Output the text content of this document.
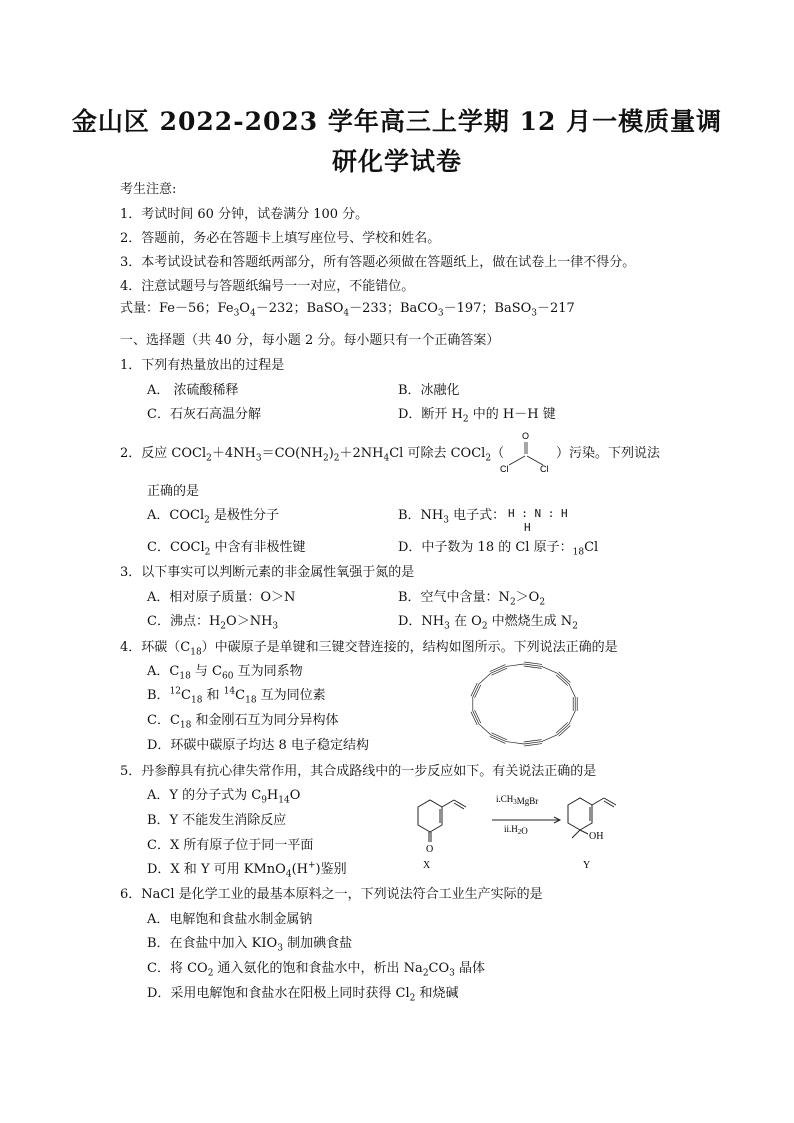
金山区 2022-2023 学年高三上学期 12 月一模质量调
研化学试卷
考生注意:
1．考试时间 60 分钟，试卷满分 100 分。
2．答题前，务必在答题卡上填写座位号、学校和姓名。
3．本考试设试卷和答题纸两部分，所有答题必须做在答题纸上，做在试卷上一律不得分。
4．注意试题号与答题纸编号一一对应，不能错位。
式量：Fe－56；$Fe_3O_4-232$；BaSO$_4$－233；BaCO$_3$－197；BaSO$_3$－217
一、选择题（共 40 分，每小题 2 分。每小题只有一个正确答案）
1．下列有热量放出的过程是
A． 浓硫酸稀释	B．冰融化
C．石灰石高温分解	D．断开 $H_2$ 中的 H－H 键
2．反应 $COCl_2+4NH_3=CO(NH_2)_2+2NH_4Cl$ 可除去 COCl$_2$（
O
Cl	Cl
）污染。下列说法
正确的是
A．COCl$_2$ 是极性分子	B．$NH_3$ 电子式： H : N : H
H
C．COCl$_2$ 中含有非极性键	D．中子数为 18 的 Cl 原子：$_{18}$Cl
3．以下事实可以判断元素的非金属性氧强于氮的是
A．相对原子质量：O＞N	B．空气中含量：$N_2>O_2$
C．沸点：$H_2O>NH_3$	D．$NH_3$ 在 $O_2$ 中燃烧生成 $N_2$
4．环碳$(C_{18})$中碳原子是单键和三键交替连接的，结构如图所示。下列说法正确的是
A．$C_{18}$ 与 $C_{60}$ 互为同系物
B．$^{12}C_{18}$ 和 $^{14}C_{18}$ 互为同位素
C．$C_{18}$ 和金刚石互为同分异构体
D．环碳中碳原子均达 8 电子稳定结构
5．丹参醇具有抗心律失常作用，其合成路线中的一步反应如下。有关说法正确的是
A．Y 的分子式为 $C_9H_{14}O$
B．Y 不能发生消除反应
C．X 所有原子位于同一平面
D．X 和 Y 可用 KMnO$_4$(H+)鉴别
O
OH
$i.CH_3MgBr$
$ii.H_2O$
X	Y
6．NaCl 是化学工业的最基本原料之一，下列说法符合工业生产实际的是
A．电解饱和食盐水制金属钠
B．在食盐中加入 $KIO_3$ 制加碘食盐
C．将 $CO_2$ 通入氨化的饱和食盐水中，析出 $Na_2CO_3$ 晶体
D．采用电解饱和食盐水在阳极上同时获得 $Cl_2$ 和烧碱
